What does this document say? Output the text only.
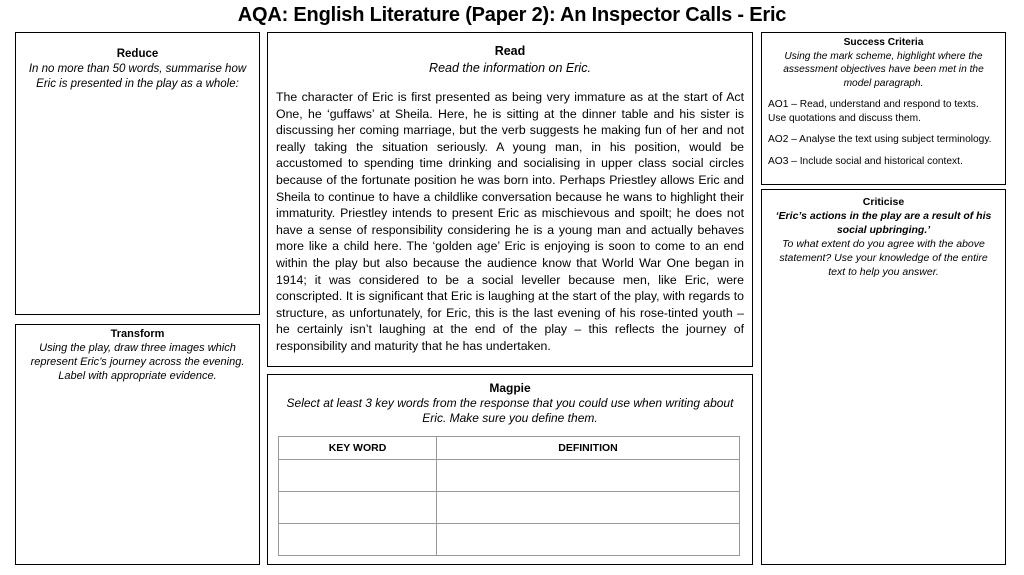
AQA: English Literature (Paper 2): An Inspector Calls - Eric
Reduce
In no more than 50 words, summarise how Eric is presented in the play as a whole:
Transform
Using the play, draw three images which represent Eric’s journey across the evening. Label with appropriate evidence.
Read
Read the information on Eric.
The character of Eric is first presented as being very immature as at the start of Act One, he ‘guffaws’ at Sheila. Here, he is sitting at the dinner table and his sister is discussing her coming marriage, but the verb suggests he making fun of her and not really taking the situation seriously. A young man, in his position, would be accustomed to spending time drinking and socialising in upper class social circles because of the fortunate position he was born into. Perhaps Priestley allows Eric and Sheila to continue to have a childlike conversation because he wans to highlight their immaturity. Priestley intends to present Eric as mischievous and spoilt; he does not have a sense of responsibility considering he is a young man and actually behaves more like a child here. The ‘golden age’ Eric is enjoying is soon to come to an end within the play but also because the audience know that World War One began in 1914; it was considered to be a social leveller because men, like Eric, were conscripted. It is significant that Eric is laughing at the start of the play, with regards to structure, as unfortunately, for Eric, this is the last evening of his rose-tinted youth – he certainly isn’t laughing at the end of the play – this reflects the journey of responsibility and maturity that he has undertaken.
Magpie
Select at least 3 key words from the response that you could use when writing about Eric. Make sure you define them.
KEY WORD	DEFINITION

Success Criteria
Using the mark scheme, highlight where the assessment objectives have been met in the model paragraph.
AO1 – Read, understand and respond to texts. Use quotations and discuss them.
AO2 – Analyse the text using subject terminology.
AO3 – Include social and historical context.
Criticise
‘Eric’s actions in the play are a result of his social upbringing.’
To what extent do you agree with the above statement? Use your knowledge of the entire text to help you answer.
